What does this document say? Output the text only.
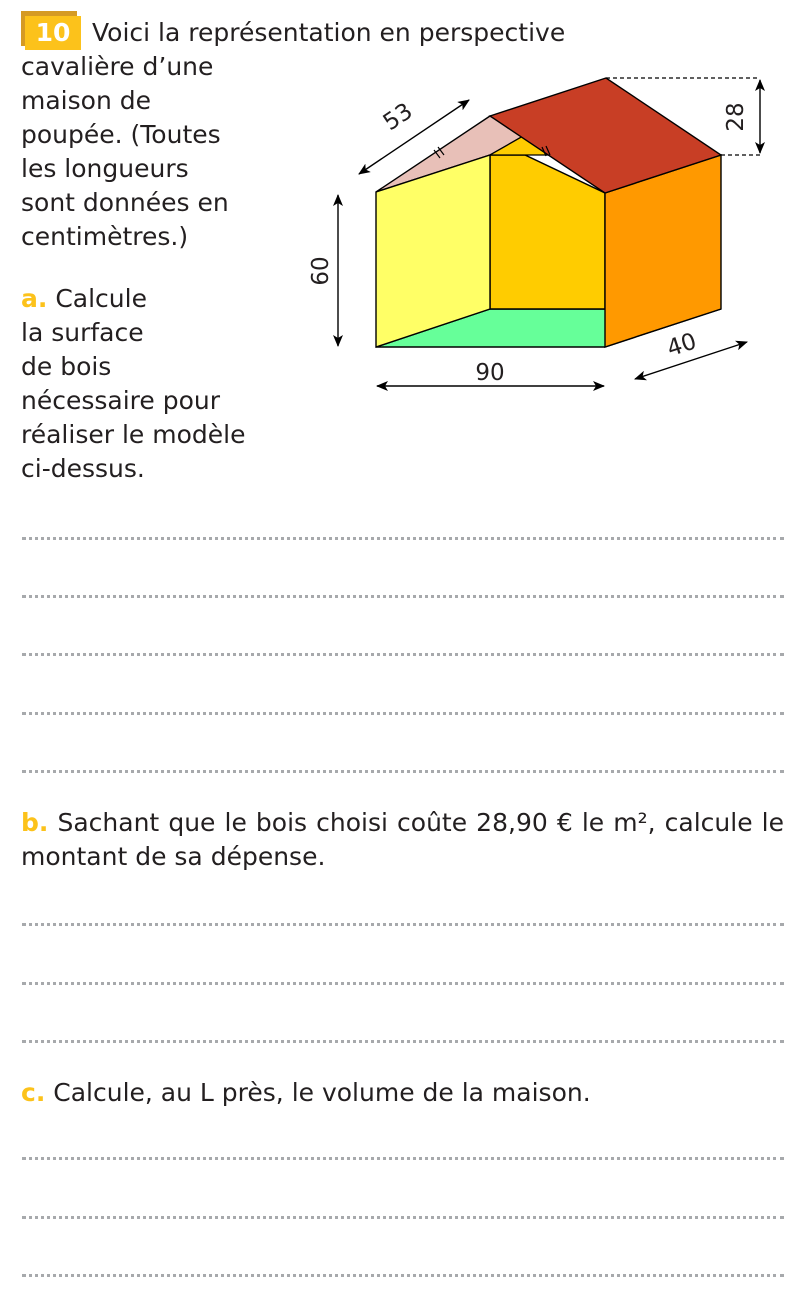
10 Voici la représentation en perspective
cavalière d’une
maison de
poupée. (Toutes
les longueurs
sont données en
centimètres.)
a. Calcule
la surface
de bois
nécessaire pour
réaliser le modèle
ci-dessus.
b. Sachant que le bois choisi coûte 28,90 € le m², calcule le montant de sa dépense.
c. Calcule, au L près, le volume de la maison.
53	28
60
90
40
